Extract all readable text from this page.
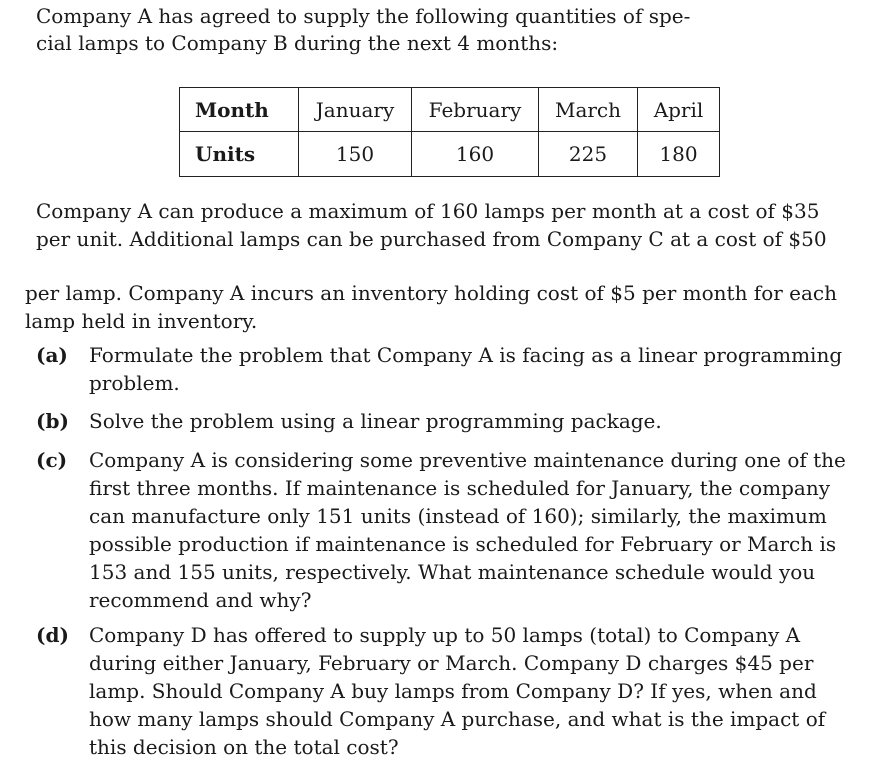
Company A has agreed to supply the following quantities of spe-
cial lamps to Company B during the next 4 months:
Month	January	February	March	April
Units	150	160	225	180
Company A can produce a maximum of 160 lamps per month at a cost of $35
per unit. Additional lamps can be purchased from Company C at a cost of $50
per lamp. Company A incurs an inventory holding cost of $5 per month for each
lamp held in inventory.
(a) Formulate the problem that Company A is facing as a linear programming
problem.
(b) Solve the problem using a linear programming package.
(c) Company A is considering some preventive maintenance during one of the
first three months. If maintenance is scheduled for January, the company
can manufacture only 151 units (instead of 160); similarly, the maximum
possible production if maintenance is scheduled for February or March is
153 and 155 units, respectively. What maintenance schedule would you
recommend and why?
(d) Company D has offered to supply up to 50 lamps (total) to Company A
during either January, February or March. Company D charges $45 per
lamp. Should Company A buy lamps from Company D? If yes, when and
how many lamps should Company A purchase, and what is the impact of
this decision on the total cost?
